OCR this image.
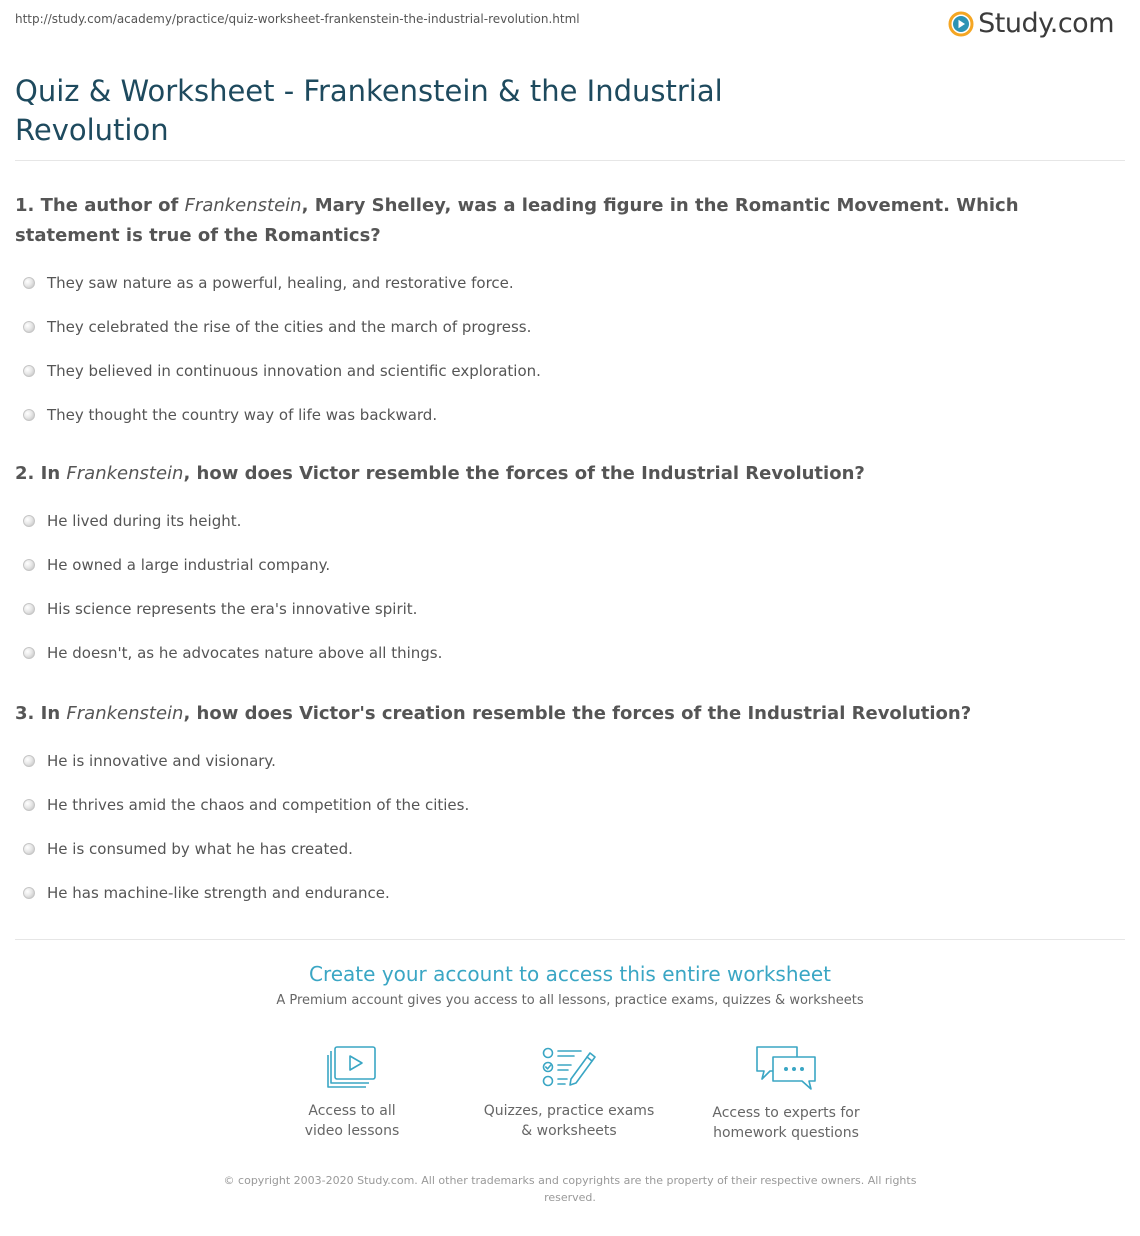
http://study.com/academy/practice/quiz-worksheet-frankenstein-the-industrial-revolution.html	Study.com
Quiz & Worksheet - Frankenstein & the Industrial Revolution
1. The author of Frankenstein, Mary Shelley, was a leading figure in the Romantic Movement. Which statement is true of the Romantics?
They saw nature as a powerful, healing, and restorative force.
They celebrated the rise of the cities and the march of progress.
They believed in continuous innovation and scientific exploration.
They thought the country way of life was backward.
2. In Frankenstein, how does Victor resemble the forces of the Industrial Revolution?
He lived during its height.
He owned a large industrial company.
His science represents the era's innovative spirit.
He doesn't, as he advocates nature above all things.
3. In Frankenstein, how does Victor's creation resemble the forces of the Industrial Revolution?
He is innovative and visionary.
He thrives amid the chaos and competition of the cities.
He is consumed by what he has created.
He has machine-like strength and endurance.
Create your account to access this entire worksheet
A Premium account gives you access to all lessons, practice exams, quizzes & worksheets
Access to all
video lessons
Quizzes, practice exams
& worksheets
Access to experts for
homework questions
© copyright 2003-2020 Study.com. All other trademarks and copyrights are the property of their respective owners. All rights reserved.
